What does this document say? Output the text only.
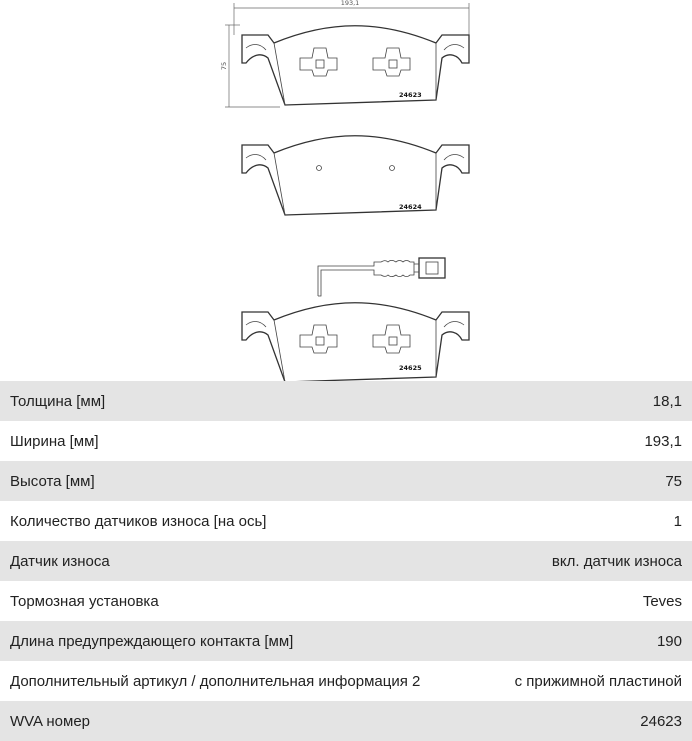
193,1
75
24623
24624
24625
Толщина [мм]	18,1
Ширина [мм]	193,1
Высота [мм]	75
Количество датчиков износа [на ось]	1
Датчик износа	вкл. датчик износа
Тормозная установка	Teves
Длина предупреждающего контакта [мм]	190
Дополнительный артикул / дополнительная информация 2	с прижимной пластиной
WVA номер	24623
